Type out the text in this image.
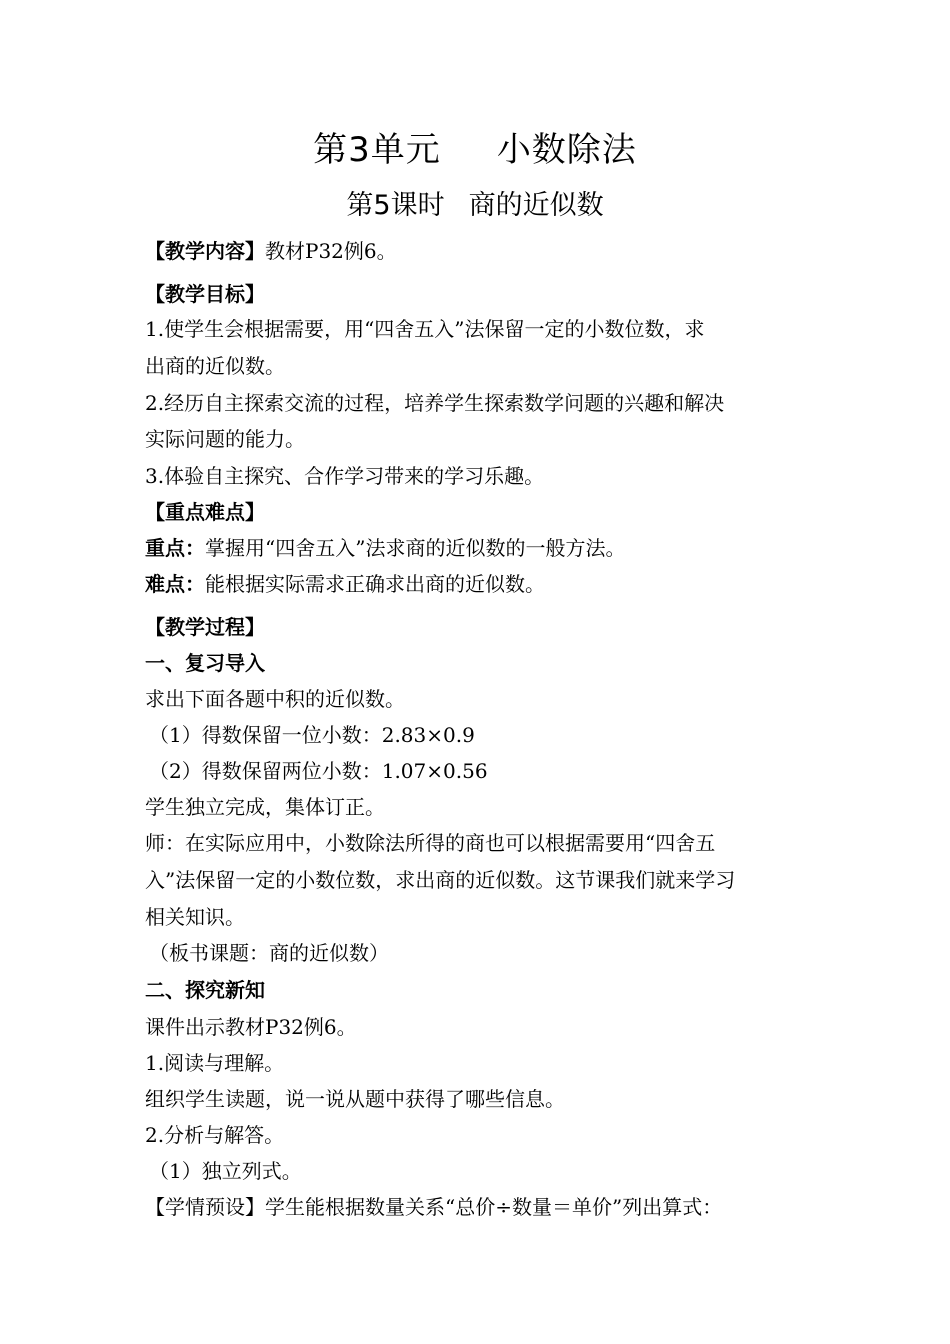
第3单元 小数除法
第5课时 商的近似数
【教学内容】教材P32例6。
【教学目标】
1.使学生会根据需要，用“四舍五入”法保留一定的小数位数，求
出商的近似数。
2.经历自主探索交流的过程，培养学生探索数学问题的兴趣和解决
实际问题的能力。
3.体验自主探究、合作学习带来的学习乐趣。
【重点难点】
重点：掌握用“四舍五入”法求商的近似数的一般方法。
难点：能根据实际需求正确求出商的近似数。
【教学过程】
一、复习导入
求出下面各题中积的近似数。
（1）得数保留一位小数：2.83×0.9
（2）得数保留两位小数：1.07×0.56
学生独立完成，集体订正。
师：在实际应用中，小数除法所得的商也可以根据需要用“四舍五
入”法保留一定的小数位数，求出商的近似数。这节课我们就来学习
相关知识。
（板书课题：商的近似数）
二、探究新知
课件出示教材P32例6。
1.阅读与理解。
组织学生读题，说一说从题中获得了哪些信息。
2.分析与解答。
（1）独立列式。
【学情预设】学生能根据数量关系“总价÷数量＝单价”列出算式：
